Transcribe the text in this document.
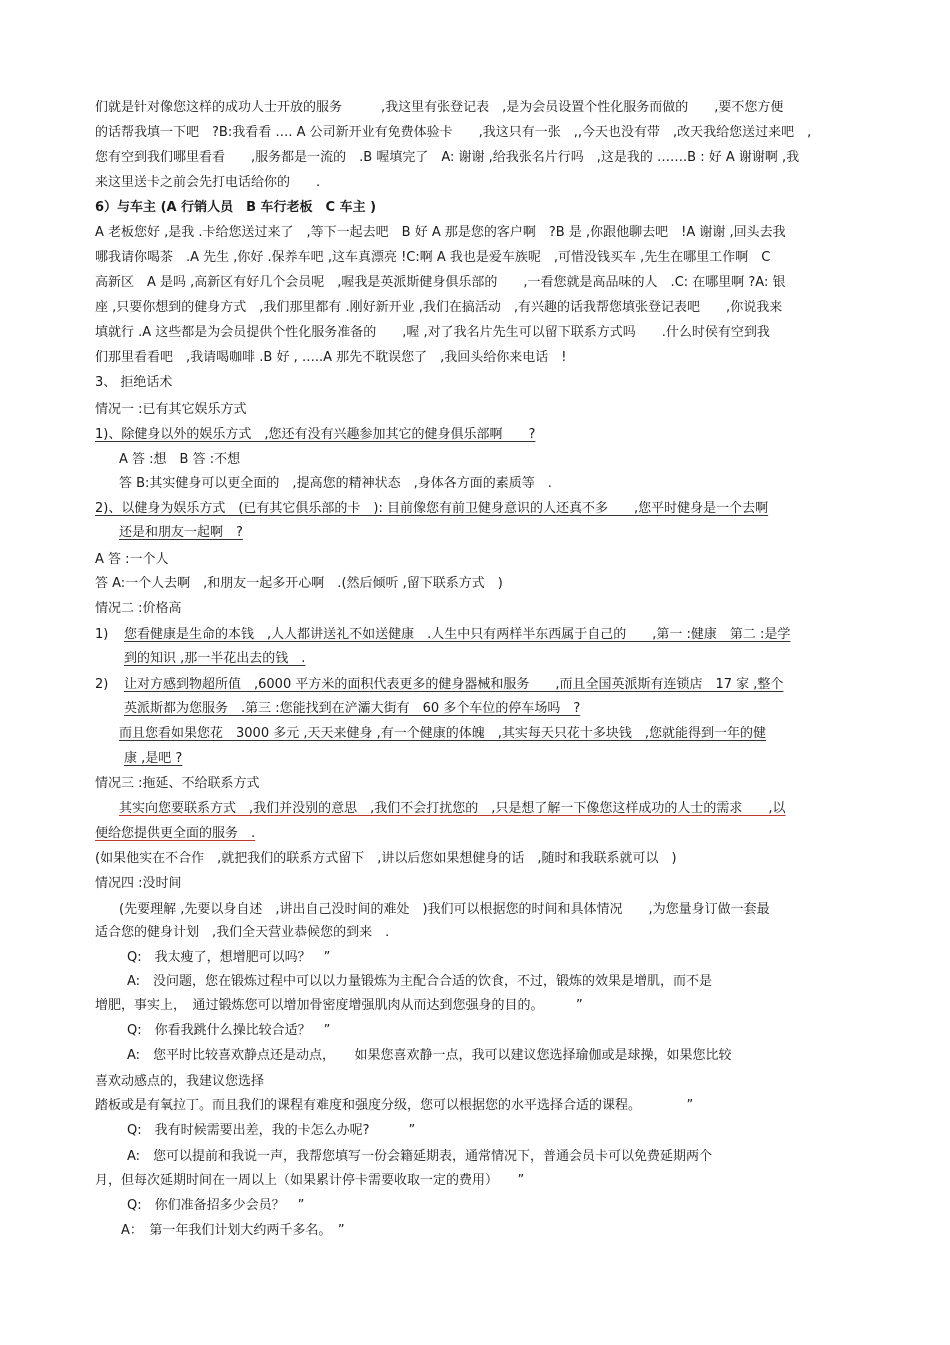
们就是针对像您这样的成功人士开放的服务　　　,我这里有张登记表　,是为会员设置个性化服务而做的　　,要不您方便

的话帮我填一下吧　?B:我看看 …. A 公司新开业有免费体验卡　　,我这只有一张　,,今天也没有带　,改天我给您送过来吧　,

您有空到我们哪里看看　　,服务都是一流的　.B 喔填完了　A: 谢谢 ,给我张名片行吗　,这是我的 …….B : 好 A 谢谢啊 ,我

来这里送卡之前会先打电话给你的　　.

6）与车主 (A 行销人员　B 车行老板　C 车主 )

A 老板您好 ,是我 .卡给您送过来了　,等下一起去吧　B 好 A 那是您的客户啊　?B 是 ,你跟他聊去吧　!A 谢谢 ,回头去我

哪我请你喝茶　.A 先生 ,你好 .保养车吧 ,这车真漂亮 !C:啊 A 我也是爱车族呢　,可惜没钱买车 ,先生在哪里工作啊　C

高新区　A 是吗 ,高新区有好几个会员呢　,喔我是英派斯健身俱乐部的　　,一看您就是高品味的人　.C: 在哪里啊 ?A: 银

座 ,只要你想到的健身方式　,我们那里都有 .刚好新开业 ,我们在搞活动　,有兴趣的话我帮您填张登记表吧　　,你说我来

填就行 .A 这些都是为会员提供个性化服务准备的　　,喔 ,对了我名片先生可以留下联系方式吗　　.什么时侯有空到我

们那里看看吧　,我请喝咖啡 .B 好 , …..A 那先不耽误您了　,我回头给你来电话　!

3、 拒绝话术

情况一 :已有其它娱乐方式

1)、除健身以外的娱乐方式　,您还有没有兴趣参加其它的健身俱乐部啊　　?

A 答 :想　B 答 :不想

答 B:其实健身可以更全面的　,提高您的精神状态　,身体各方面的素质等　.

2)、以健身为娱乐方式　(已有其它俱乐部的卡　): 目前像您有前卫健身意识的人还真不多　　,您平时健身是一个去啊

还是和朋友一起啊　?

A 答 :一个人

答 A:一个人去啊　,和朋友一起多开心啊　.(然后倾听 ,留下联系方式　)

情况二 :价格高

1) 您看健康是生命的本钱　,人人都讲送礼不如送健康　.人生中只有两样半东西属于自己的　　,第一 :健康　第二 :是学

到的知识 ,那一半花出去的钱　.

2) 让对方感到物超所值　,6000 平方米的面积代表更多的健身器械和服务　　,而且全国英派斯有连锁店　17 家 ,整个

英派斯都为您服务　.第三 :您能找到在浐灞大街有　60 多个车位的停车场吗　?

而且您看如果您花　3000 多元 ,天天来健身 ,有一个健康的体魄　,其实每天只花十多块钱　,您就能得到一年的健

康 ,是吧 ?

情况三 :拖延、不给联系方式

其实向您要联系方式　,我们并没别的意思　,我们不会打扰您的　,只是想了解一下像您这样成功的人士的需求　　,以

便给您提供更全面的服务　.

(如果他实在不合作　,就把我们的联系方式留下　,讲以后您如果想健身的话　,随时和我联系就可以　)

情况四 :没时间

(先要理解 ,先要以身自述　,讲出自己没时间的难处　)我们可以根据您的时间和具体情况　　,为您量身订做一套最

适合您的健身计划　,我们全天营业恭候您的到来　.

Q:　我太瘦了，想增肥可以吗？　”

A:　没问题，您在锻炼过程中可以以力量锻炼为主配合合适的饮食，不过，锻炼的效果是增肌，而不是

增肥，事实上，　通过锻炼您可以增加骨密度增强肌肉从而达到您强身的目的。　　　”

Q:　你看我跳什么操比较合适？　”

A:　您平时比较喜欢静点还是动点，　　如果您喜欢静一点，我可以建议您选择瑜伽或是球操，如果您比较

喜欢动感点的，我建议您选择

踏板或是有氧拉丁。而且我们的课程有难度和强度分级，您可以根据您的水平选择合适的课程。　　　　”

Q:　我有时候需要出差，我的卡怎么办呢?　　　”

A:　您可以提前和我说一声，我帮您填写一份会籍延期表，通常情况下，普通会员卡可以免费延期两个

月，但每次延期时间在一周以上（如果累计停卡需要收取一定的费用）　　”

Q:　你们准备招多少会员？　”

A：　第一年我们计划大约两千多名。　”
